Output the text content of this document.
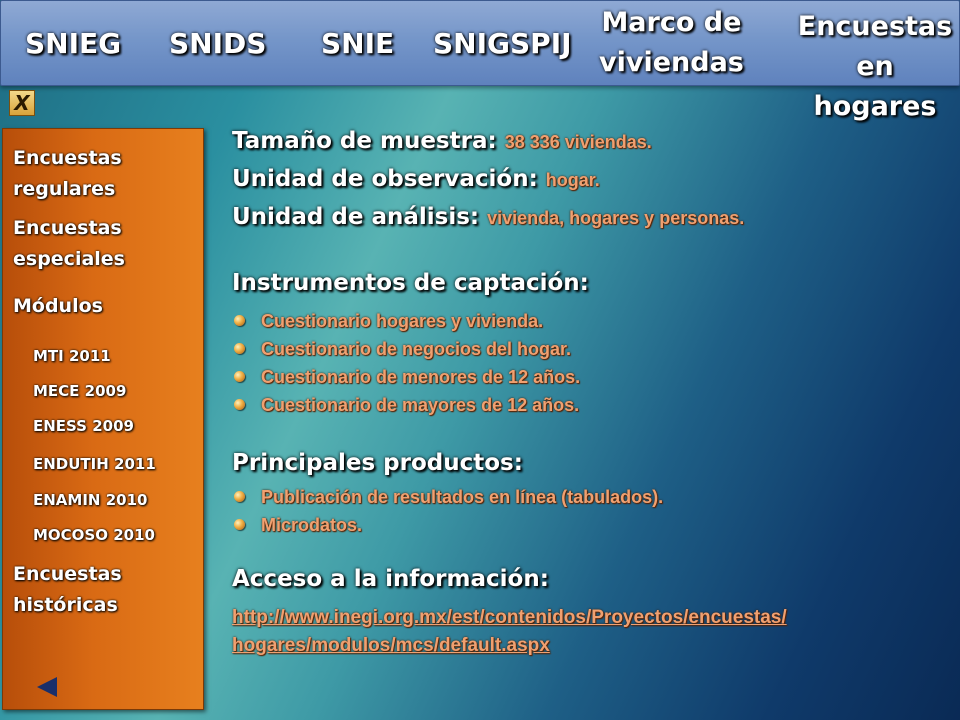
SNIEG SNIDS SNIE SNIGSPIJ
Marco de
viviendas
Encuestas
en hogares
X
Encuestas
regulares
Encuestas
especiales
Módulos
MTI 2011
MECE 2009
ENESS 2009
ENDUTIH 2011
ENAMIN 2010
MOCOSO 2010
Encuestas
históricas
Tamaño de muestra: 38 336 viviendas.
Unidad de observación: hogar.
Unidad de análisis: vivienda, hogares y personas.
Instrumentos de captación:
Cuestionario hogares y vivienda.
Cuestionario de negocios del hogar.
Cuestionario de menores de 12 años.
Cuestionario de mayores de 12 años.
Principales productos:
Publicación de resultados en línea (tabulados).
Microdatos.
Acceso a la información:
http://www.inegi.org.mx/est/contenidos/Proyectos/encuestas/
hogares/modulos/mcs/default.aspx
